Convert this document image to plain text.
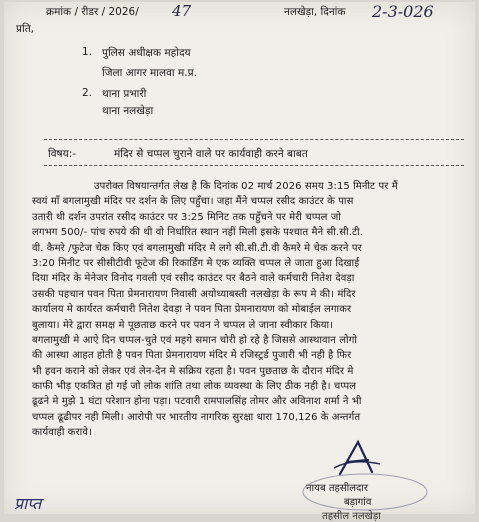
क्रमांक / रीडर / 2026/ 47	नलखेड़ा, दिनांक 2-3-026
प्रति,
1. पुलिस अधीक्षक महोदय
जिला आगर मालवा म.प्र.
2. थाना प्रभारी
थाना नलखेड़ा
विषय:-	मंदिर से चप्पल चुराने वाले पर कार्यवाही करने बाबत
उपरोक्त विषयान्तर्गत लेख है कि दिनांक 02 मार्च 2026 समय 3:15 मिनीट पर मैं
स्वयं माँ बगलामुखी मंदिर पर दर्शन के लिए पहुँचा। जहा मैंने चप्पल रसीद काउंटर के पास
उतारी थी दर्शन उपरांत रसीद काउंटर पर 3:25 मिनिट तक पहुँचने पर मेरी चप्पल जो
लगभग 500/- पांच रुपये की थी वो निर्धारित स्थान नहीं मिली इसके पश्चात मैने सी.सी.टी.
वी. कैमरे /फुटेज चेक किए एवं बगलामुखी मंदिर मे लगे सी.सी.टी.वी कैमरे मे चेक करने पर
3:20 मिनीट पर सीसीटीवी फूटेज की रिकार्डिंग मे एक व्यक्ति चप्पल ले जाता हुआ दिखाई
दिया मंदिर के मेनेजर विनोद गवली एवं रसीद काउंटर पर बैठने वाले कर्मचारी नितेश देवड़ा
उसकी पहचान पवन पिता प्रेमनारायण निवासी अयोध्याबस्ती नलखेड़ा के रूप मे की। मंदिर
कार्यालय मे कार्यरत कर्मचारी नितेश देवड़ा ने पवन पिता प्रेमनारायण को मोबाईल लगाकर
बुलाया। मेरे द्वारा समक्ष मे पूछताछ करने पर पवन ने चप्पल ले जाना स्वीकार किया।
बगलामुखी मे आऐ दिन चप्पल-चुते एवं महगे समान चोरी हो रहे है जिससे आस्थावान लोगो
की आस्था आहत होती है पवन पिता प्रेमनारायण मंदिर मे रजिस्ट्रर्ड पुजारी भी नही है फिर
भी हवन कराने को लेकर एवं लेन-देन मे सक्रिय रहता है। पवन पुछताछ के दौरान मंदिर मे
काफी भीड़ एकत्रित हो गई जो लोक शांति तथा लोक व्यवस्था के लिए ठीक नही है। चप्पल
ढूढने मे मुझे 1 घंटा परेशान होना पड़ा। पटवारी रामपालसिंह तोमर और अविनाश शर्मा ने भी
चप्पल ढूढीपर नही मिली। आरोपी पर भारतीय नागरिक सुरक्षा धारा 170,126 के अन्तर्गत
कार्यवाही करावे।
नायब तहसीलदार
बड़ागांव
तहसील नलखेड़ा
प्राप्त
